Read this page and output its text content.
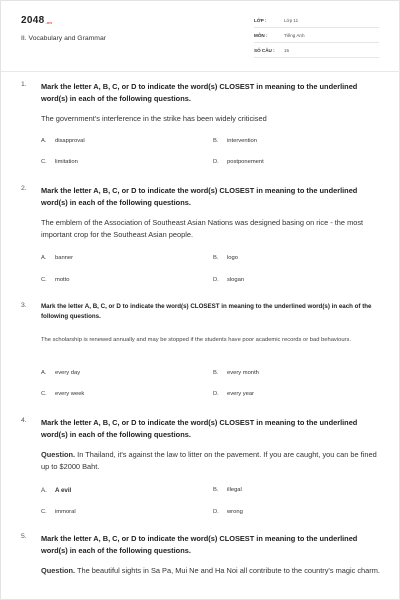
$2048_{.vn}$
II. Vocabulary and Grammar
LỚP :	Lớp 11
MÔN :	Tiếng Anh
SỐ CÂU : 15
1. Mark the letter A, B, C, or D to indicate the word(s) CLOSEST in meaning to the underlined word(s) in each of the following questions.
The government's interference in the strike has been widely criticised
A. disapproval	B. intervention
C. limitation	D. postponement
2. Mark the letter A, B, C, or D to indicate the word(s) CLOSEST in meaning to the underlined word(s) in each of the following questions.
The emblem of the Association of Southeast Asian Nations was designed basing on rice - the most important crop for the Southeast Asian people.
A. banner	B. logo
C. motto	D. slogan
3. Mark the letter A, B, C, or D to indicate the word(s) CLOSEST in meaning to the underlined word(s) in each of the following questions.
The scholarship is renewed annually and may be stopped if the students have poor academic records or bad behaviours.
A. every day	B. every month
C. every week	D. every year
4. Mark the letter A, B, C, or D to indicate the word(s) CLOSEST in meaning to the underlined word(s) in each of the following questions.
Question. In Thailand, it's against the law to litter on the pavement. If you are caught, you can be fined up to $2000 Baht.
A. A evil	B. illegal
C. immoral	D. wrong
5. Mark the letter A, B, C, or D to indicate the word(s) CLOSEST in meaning to the underlined word(s) in each of the following questions.
Question. The beautiful sights in Sa Pa, Mui Ne and Ha Noi all contribute to the country's magic charm.
